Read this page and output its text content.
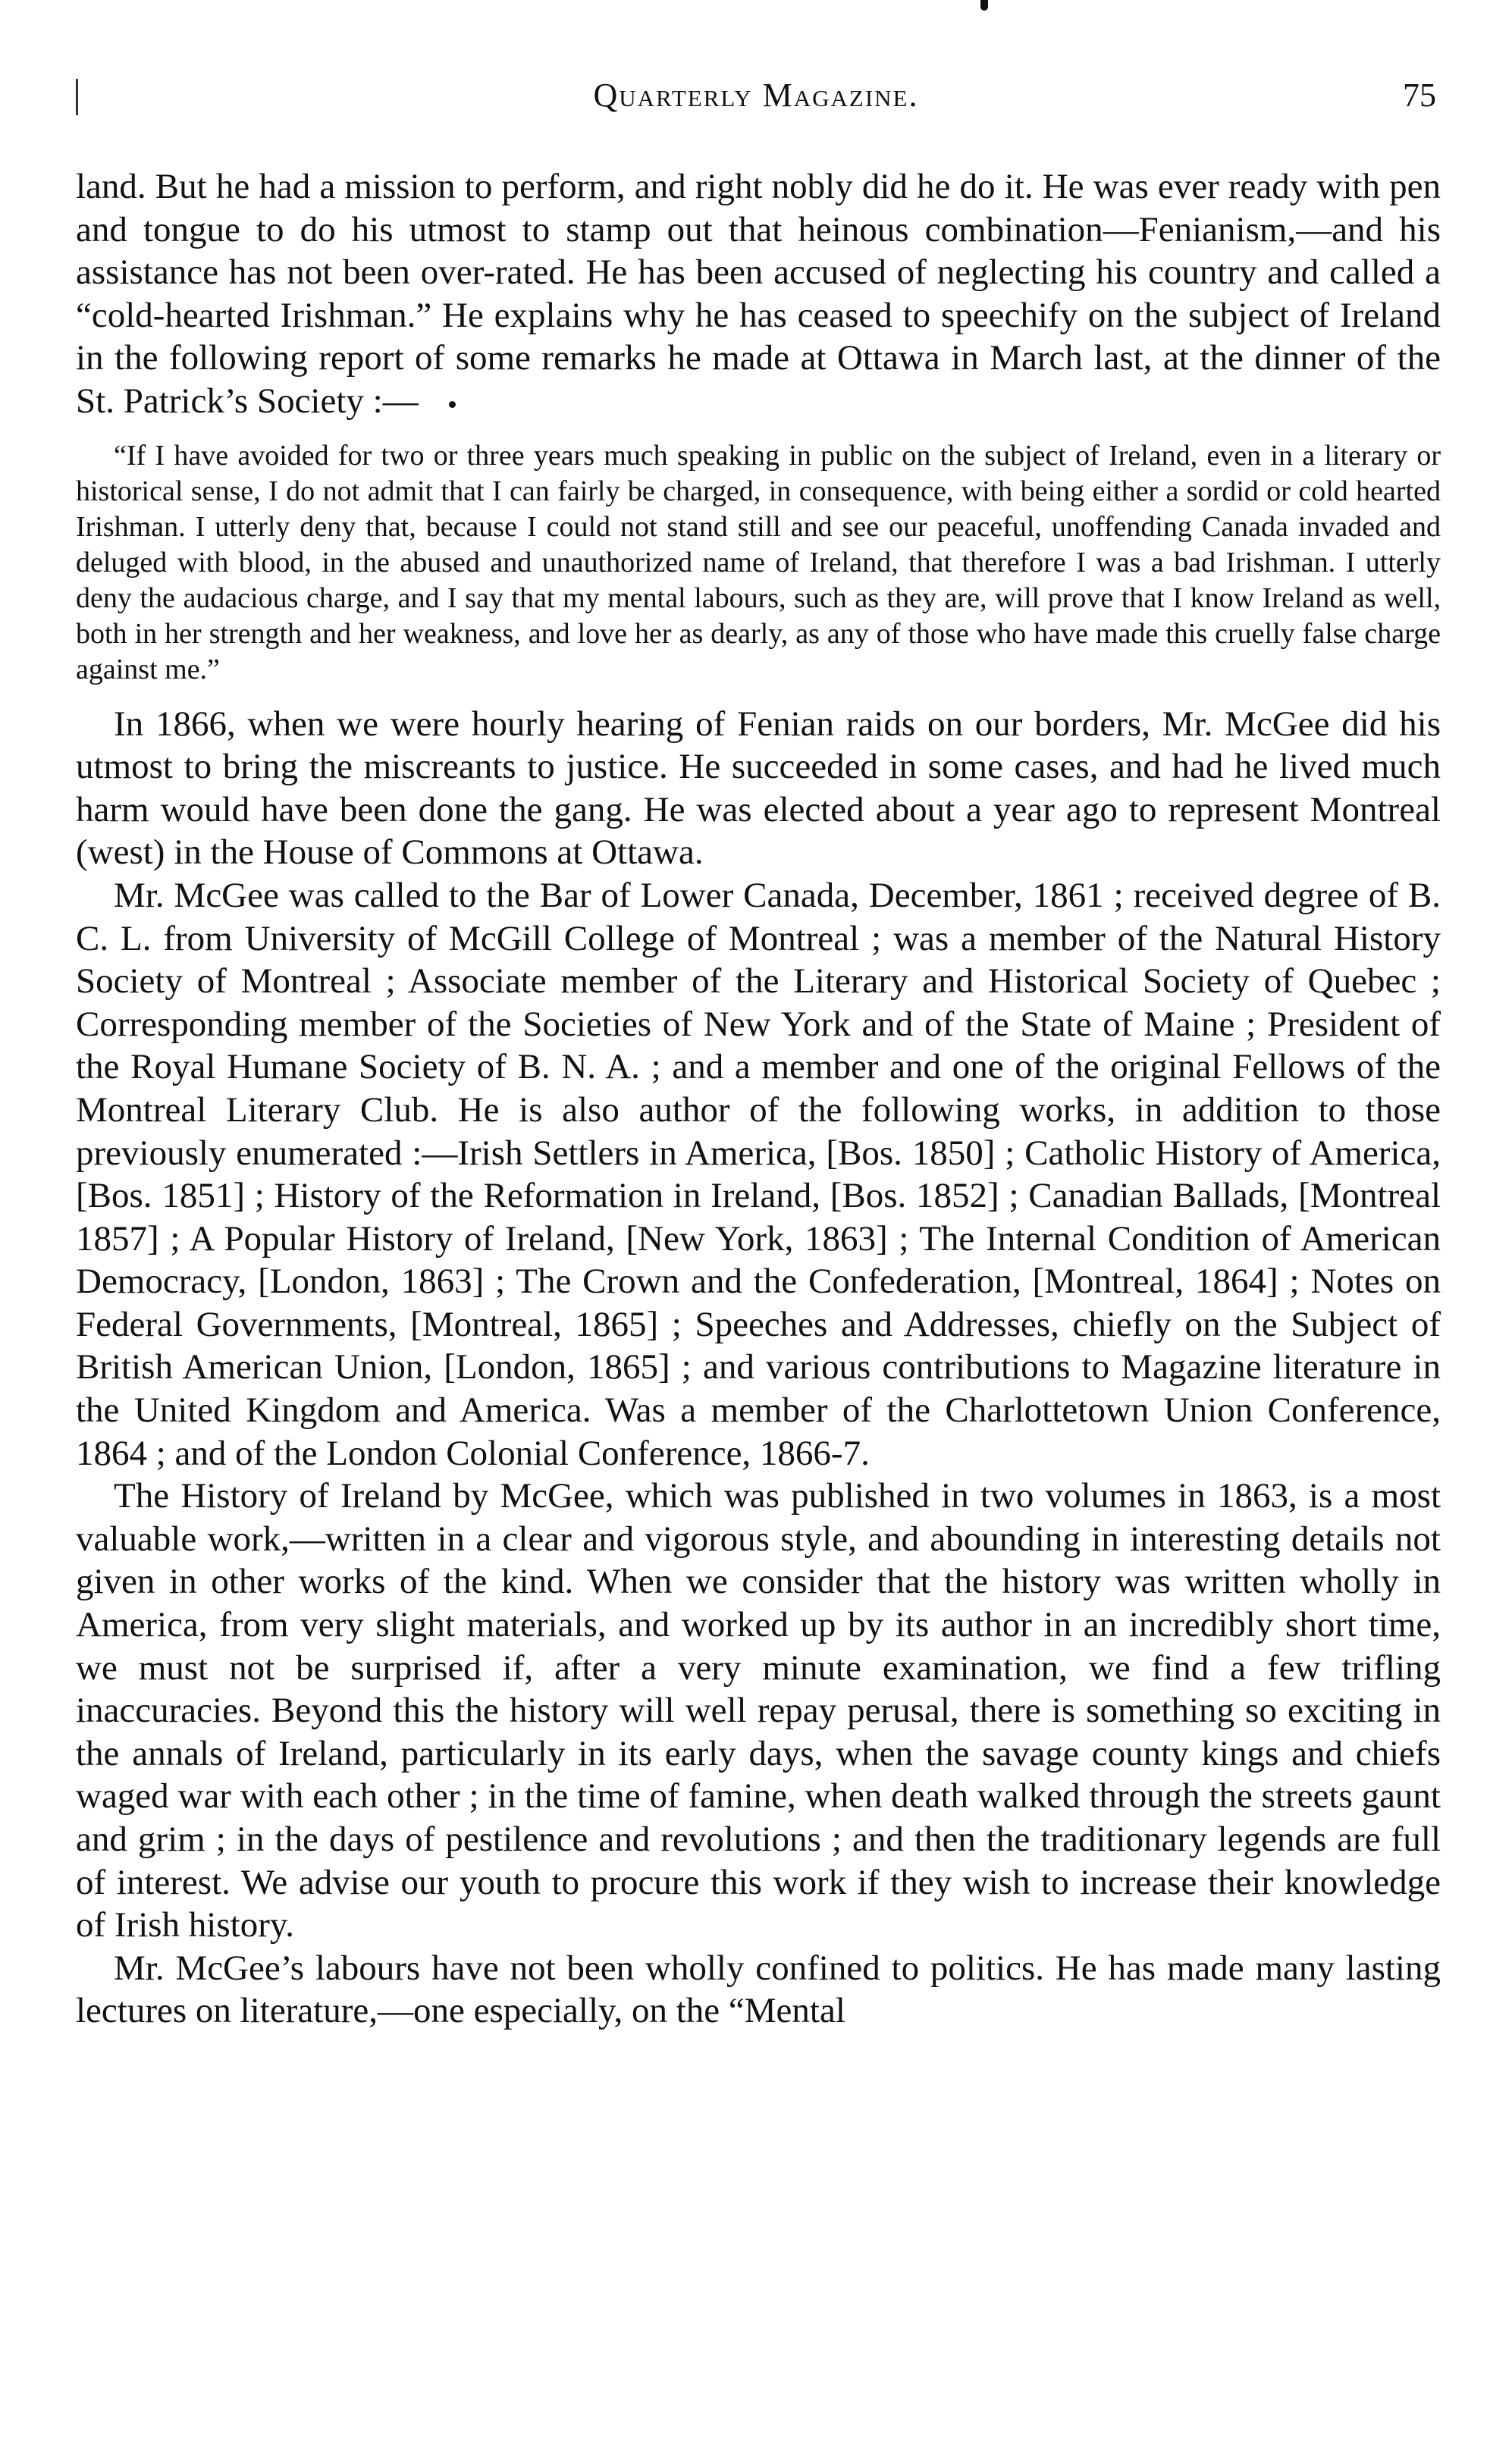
Quarterly Magazine.	75

land. But he had a mission to perform, and right nobly did he do it. He was ever ready with pen and tongue to do his utmost to stamp out that heinous combination—Fenianism,—and his assistance has not been over-rated. He has been accused of neglecting his country and called a “cold-hearted Irishman.” He explains why he has ceased to speechify on the subject of Ireland in the following report of some remarks he made at Ottawa in March last, at the dinner of the St. Patrick’s Society :—

“If I have avoided for two or three years much speaking in public on the subject of Ireland, even in a literary or historical sense, I do not admit that I can fairly be charged, in consequence, with being either a sordid or cold hearted Irishman. I utterly deny that, because I could not stand still and see our peaceful, unoffending Canada invaded and deluged with blood, in the abused and unauthorized name of Ireland, that therefore I was a bad Irishman. I utterly deny the audacious charge, and I say that my mental labours, such as they are, will prove that I know Ireland as well, both in her strength and her weakness, and love her as dearly, as any of those who have made this cruelly false charge against me.”

In 1866, when we were hourly hearing of Fenian raids on our borders, Mr. McGee did his utmost to bring the miscreants to justice. He succeeded in some cases, and had he lived much harm would have been done the gang. He was elected about a year ago to represent Montreal (west) in the House of Commons at Ottawa.

Mr. McGee was called to the Bar of Lower Canada, December, 1861 ; received degree of B. C. L. from University of McGill College of Montreal ; was a member of the Natural History Society of Montreal ; Associate member of the Literary and Historical Society of Quebec ; Corresponding member of the Societies of New York and of the State of Maine ; President of the Royal Humane Society of B. N. A. ; and a member and one of the original Fellows of the Montreal Literary Club. He is also author of the following works, in addition to those previously enumerated :—Irish Settlers in America, [Bos. 1850] ; Catholic History of America, [Bos. 1851] ; History of the Reformation in Ireland, [Bos. 1852] ; Canadian Ballads, [Montreal 1857] ; A Popular History of Ireland, [New York, 1863] ; The Internal Condition of American Democracy, [London, 1863] ; The Crown and the Confederation, [Montreal, 1864] ; Notes on Federal Governments, [Montreal, 1865] ; Speeches and Addresses, chiefly on the Subject of British American Union, [London, 1865] ; and various contributions to Magazine literature in the United Kingdom and America. Was a member of the Charlottetown Union Conference, 1864 ; and of the London Colonial Conference, 1866-7.

The History of Ireland by McGee, which was published in two volumes in 1863, is a most valuable work,—written in a clear and vigorous style, and abounding in interesting details not given in other works of the kind. When we consider that the history was written wholly in America, from very slight materials, and worked up by its author in an incredibly short time, we must not be surprised if, after a very minute examination, we find a few trifling inaccuracies. Beyond this the history will well repay perusal, there is something so exciting in the annals of Ireland, particularly in its early days, when the savage county kings and chiefs waged war with each other ; in the time of famine, when death walked through the streets gaunt and grim ; in the days of pestilence and revolutions ; and then the traditionary legends are full of interest. We advise our youth to procure this work if they wish to increase their knowledge of Irish history.

Mr. McGee’s labours have not been wholly confined to politics. He has made many lasting lectures on literature,—one especially, on the “Mental
